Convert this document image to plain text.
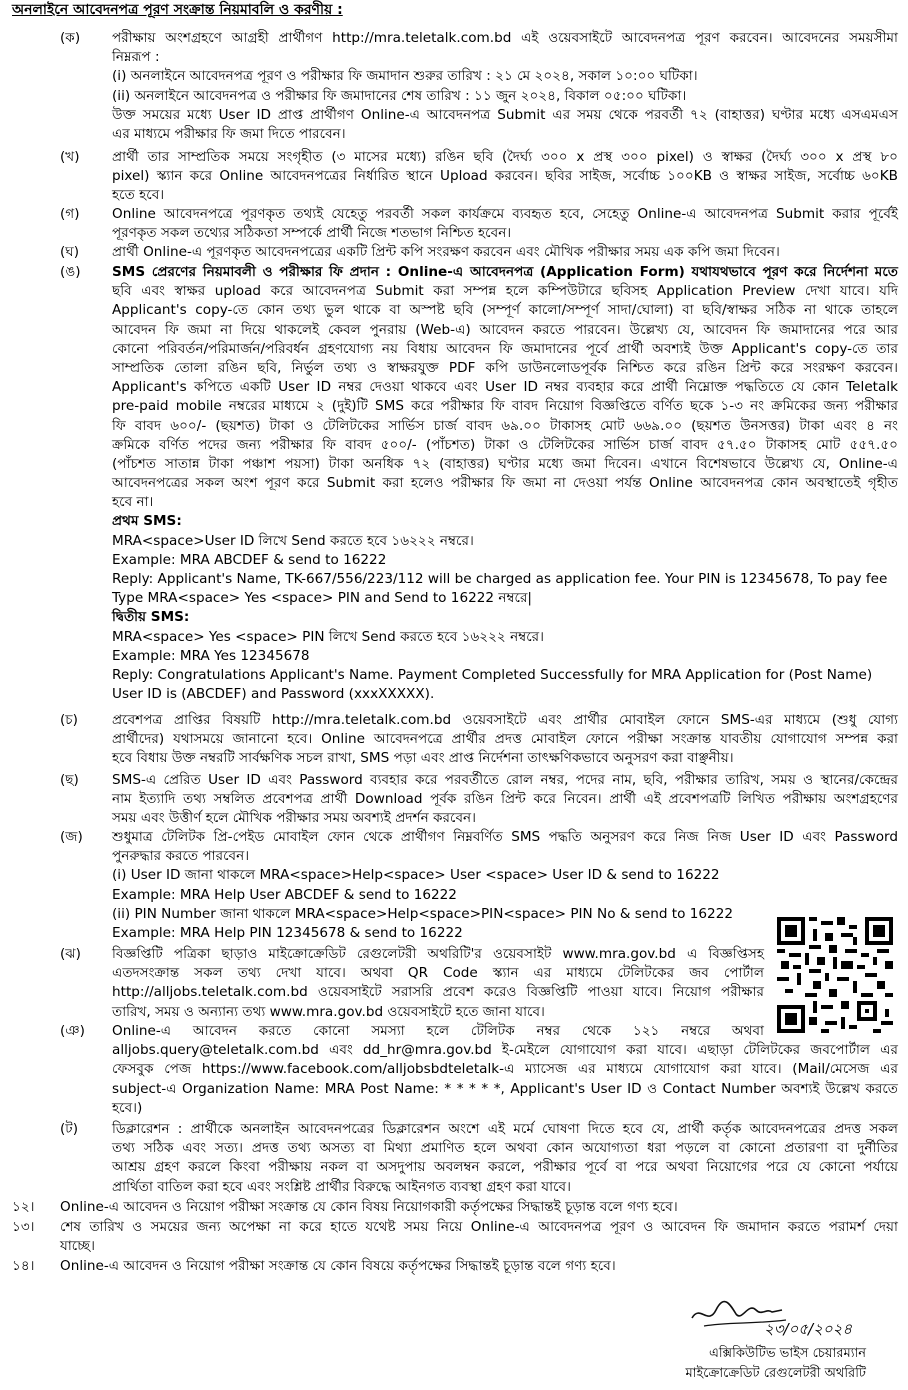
অনলাইনে আবেদনপত্র পূরণ সংক্রান্ত নিয়মাবলি ও করণীয় :
(ক)	পরীক্ষায় অংশগ্রহণে আগ্রহী প্রার্থীগণ http://mra.teletalk.com.bd এই ওয়েবসাইটে আবেদনপত্র পূরণ করবেন। আবেদনের সময়সীমা
নিম্নরূপ :
(i) অনলাইনে আবেদনপত্র পূরণ ও পরীক্ষার ফি জমাদান শুরুর তারিখ : ২১ মে ২০২৪, সকাল ১০:০০ ঘটিকা।
(ii) অনলাইনে আবেদনপত্র ও পরীক্ষার ফি জমাদানের শেষ তারিখ : ১১ জুন ২০২৪, বিকাল ০৫:০০ ঘটিকা।
উক্ত সময়ের মধ্যে User ID প্রাপ্ত প্রার্থীগণ Online-এ আবেদনপত্র Submit এর সময় থেকে পরবর্তী ৭২ (বাহাত্তর) ঘণ্টার মধ্যে এসএমএস
এর মাধ্যমে পরীক্ষার ফি জমা দিতে পারবেন।
(খ)	প্রার্থী তার সাম্প্রতিক সময়ে সংগৃহীত (৩ মাসের মধ্যে) রঙিন ছবি (দৈর্ঘ্য ৩০০ x প্রস্থ ৩০০ pixel) ও স্বাক্ষর (দৈর্ঘ্য ৩০০ x প্রস্থ ৮০
pixel) স্ক্যান করে Online আবেদনপত্রের নির্ধারিত স্থানে Upload করবেন। ছবির সাইজ, সর্বোচ্চ ১০০KB ও স্বাক্ষর সাইজ, সর্বোচ্চ ৬০KB
হতে হবে।
(গ)	Online আবেদনপত্রে পূরণকৃত তথ্যই যেহেতু পরবর্তী সকল কার্যক্রমে ব্যবহৃত হবে, সেহেতু Online-এ আবেদনপত্র Submit করার পূর্বেই
পূরণকৃত সকল তথ্যের সঠিকতা সম্পর্কে প্রার্থী নিজে শতভাগ নিশ্চিত হবেন।
(ঘ)	প্রার্থী Online-এ পূরণকৃত আবেদনপত্রের একটি প্রিন্ট কপি সংরক্ষণ করবেন এবং মৌখিক পরীক্ষার সময় এক কপি জমা দিবেন।
(ঙ)	SMS প্রেরণের নিয়মাবলী ও পরীক্ষার ফি প্রদান : Online-এ আবেদনপত্র (Application Form) যথাযথভাবে পূরণ করে নির্দেশনা মতে
ছবি এবং স্বাক্ষর upload করে আবেদনপত্র Submit করা সম্পন্ন হলে কম্পিউটারে ছবিসহ Application Preview দেখা যাবে। যদি
Applicant's copy-তে কোন তথ্য ভুল থাকে বা অস্পষ্ট ছবি (সম্পূর্ণ কালো/সম্পূর্ণ সাদা/ঘোলা) বা ছবি/স্বাক্ষর সঠিক না থাকে তাহলে
আবেদন ফি জমা না দিয়ে থাকলেই কেবল পুনরায় (Web-এ) আবেদন করতে পারবেন। উল্লেখ্য যে, আবেদন ফি জমাদানের পরে আর
কোনো পরিবর্তন/পরিমার্জন/পরিবর্ধন গ্রহণযোগ্য নয় বিধায় আবেদন ফি জমাদানের পূর্বে প্রার্থী অবশ্যই উক্ত Applicant's copy-তে তার
সাম্প্রতিক তোলা রঙিন ছবি, নির্ভুল তথ্য ও স্বাক্ষরযুক্ত PDF কপি ডাউনলোডপূর্বক নিশ্চিত করে রঙিন প্রিন্ট করে সংরক্ষণ করবেন।
Applicant's কপিতে একটি User ID নম্বর দেওয়া থাকবে এবং User ID নম্বর ব্যবহার করে প্রার্থী নিম্নোক্ত পদ্ধতিতে যে কোন Teletalk
pre-paid mobile নম্বরের মাধ্যমে ২ (দুই)টি SMS করে পরীক্ষার ফি বাবদ নিয়োগ বিজ্ঞপ্তিতে বর্ণিত ছকে ১-৩ নং ক্রমিকের জন্য পরীক্ষার
ফি বাবদ ৬০০/- (ছয়শত) টাকা ও টেলিটকের সার্ভিস চার্জ বাবদ ৬৯.০০ টাকাসহ মোট ৬৬৯.০০ (ছয়শত উনসত্তর) টাকা এবং ৪ নং
ক্রমিকে বর্ণিত পদের জন্য পরীক্ষার ফি বাবদ ৫০০/- (পাঁচশত) টাকা ও টেলিটকের সার্ভিস চার্জ বাবদ ৫৭.৫০ টাকাসহ মোট ৫৫৭.৫০
(পাঁচশত সাতান্ন টাকা পঞ্চাশ পয়সা) টাকা অনধিক ৭২ (বাহাত্তর) ঘণ্টার মধ্যে জমা দিবেন। এখানে বিশেষভাবে উল্লেখ্য যে, Online-এ
আবেদনপত্রের সকল অংশ পূরণ করে Submit করা হলেও পরীক্ষার ফি জমা না দেওয়া পর্যন্ত Online আবেদনপত্র কোন অবস্থাতেই গৃহীত
হবে না।
প্রথম SMS:
MRA<space>User ID লিখে Send করতে হবে ১৬২২২ নম্বরে।
Example: MRA ABCDEF & send to 16222
Reply: Applicant's Name, TK-667/556/223/112 will be charged as application fee. Your PIN is 12345678, To pay fee
Type MRA<space> Yes <space> PIN and Send to 16222 নম্বরে|
দ্বিতীয় SMS:
MRA<space> Yes <space> PIN লিখে Send করতে হবে ১৬২২২ নম্বরে।
Example: MRA Yes 12345678
Reply: Congratulations Applicant's Name. Payment Completed Successfully for MRA Application for (Post Name)
User ID is (ABCDEF) and Password (xxxXXXXX).
(চ)	প্রবেশপত্র প্রাপ্তির বিষয়টি http://mra.teletalk.com.bd ওয়েবসাইটে এবং প্রার্থীর মোবাইল ফোনে SMS-এর মাধ্যমে (শুধু যোগ্য
প্রার্থীদের) যথাসময়ে জানানো হবে। Online আবেদনপত্রে প্রার্থীর প্রদত্ত মোবাইল ফোনে পরীক্ষা সংক্রান্ত যাবতীয় যোগাযোগ সম্পন্ন করা
হবে বিধায় উক্ত নম্বরটি সার্বক্ষণিক সচল রাখা, SMS পড়া এবং প্রাপ্ত নির্দেশনা তাৎক্ষণিকভাবে অনুসরণ করা বাঞ্ছনীয়।
(ছ)	SMS-এ প্রেরিত User ID এবং Password ব্যবহার করে পরবর্তীতে রোল নম্বর, পদের নাম, ছবি, পরীক্ষার তারিখ, সময় ও স্থানের/কেন্দ্রের
নাম ইত্যাদি তথ্য সম্বলিত প্রবেশপত্র প্রার্থী Download পূর্বক রঙিন প্রিন্ট করে নিবেন। প্রার্থী এই প্রবেশপত্রটি লিখিত পরীক্ষায় অংশগ্রহণের
সময় এবং উত্তীর্ণ হলে মৌখিক পরীক্ষার সময় অবশ্যই প্রদর্শন করবেন।
(জ)	শুধুমাত্র টেলিটক প্রি-পেইড মোবাইল ফোন থেকে প্রার্থীগণ নিম্নবর্ণিত SMS পদ্ধতি অনুসরণ করে নিজ নিজ User ID এবং Password
পুনরুদ্ধার করতে পারবেন।
(i) User ID জানা থাকলে MRA<space>Help<space> User <space> User ID & send to 16222
Example: MRA Help User ABCDEF & send to 16222
(ii) PIN Number জানা থাকলে MRA<space>Help<space>PIN<space> PIN No & send to 16222
Example: MRA Help PIN 12345678 & send to 16222
(ঝ)	বিজ্ঞপ্তিটি পত্রিকা ছাড়াও মাইক্রোক্রেডিট রেগুলেটরী অথরিটি'র ওয়েবসাইট www.mra.gov.bd এ বিজ্ঞপ্তিসহ
এতদসংক্রান্ত সকল তথ্য দেখা যাবে। অথবা QR Code স্ক্যান এর মাধ্যমে টেলিটকের জব পোর্টাল
http://alljobs.teletalk.com.bd ওয়েবসাইটে সরাসরি প্রবেশ করেও বিজ্ঞপ্তিটি পাওয়া যাবে। নিয়োগ পরীক্ষার
তারিখ, সময় ও অন্যান্য তথ্য www.mra.gov.bd ওয়েবসাইটে হতে জানা যাবে।
(ঞ)	Online-এ আবেদন করতে কোনো সমস্যা হলে টেলিটক নম্বর থেকে ১২১ নম্বরে অথবা
alljobs.query@teletalk.com.bd এবং dd_hr@mra.gov.bd ই-মেইলে যোগাযোগ করা যাবে। এছাড়া টেলিটকের জবপোর্টাল এর
ফেসবুক পেজ https://www.facebook.com/alljobsbdteletalk-এ ম্যাসেজ এর মাধ্যমে যোগাযোগ করা যাবে। (Mail/মেসেজ এর
subject-এ Organization Name: MRA Post Name: * * * * *, Applicant's User ID ও Contact Number অবশ্যই উল্লেখ করতে
হবে।)
(ট)	ডিক্লারেশন : প্রার্থীকে অনলাইন আবেদনপত্রের ডিক্লারেশন অংশে এই মর্মে ঘোষণা দিতে হবে যে, প্রার্থী কর্তৃক আবেদনপত্রের প্রদত্ত সকল
তথ্য সঠিক এবং সত্য। প্রদত্ত তথ্য অসত্য বা মিথ্যা প্রমাণিত হলে অথবা কোন অযোগ্যতা ধরা পড়লে বা কোনো প্রতারণা বা দুর্নীতির
আশ্রয় গ্রহণ করলে কিংবা পরীক্ষায় নকল বা অসদুপায় অবলম্বন করলে, পরীক্ষার পূর্বে বা পরে অথবা নিয়োগের পরে যে কোনো পর্যায়ে
প্রার্থিতা বাতিল করা হবে এবং সংশ্লিষ্ট প্রার্থীর বিরুদ্ধে আইনগত ব্যবস্থা গ্রহণ করা যাবে।
১২।	Online-এ আবেদন ও নিয়োগ পরীক্ষা সংক্রান্ত যে কোন বিষয় নিয়োগকারী কর্তৃপক্ষের সিদ্ধান্তই চূড়ান্ত বলে গণ্য হবে।
১৩।	শেষ তারিখ ও সময়ের জন্য অপেক্ষা না করে হাতে যথেষ্ট সময় নিয়ে Online-এ আবেদনপত্র পূরণ ও আবেদন ফি জমাদান করতে পরামর্শ দেয়া
যাচ্ছে।
১৪।	Online-এ আবেদন ও নিয়োগ পরীক্ষা সংক্রান্ত যে কোন বিষয়ে কর্তৃপক্ষের সিদ্ধান্তই চূড়ান্ত বলে গণ্য হবে।
২৩/০৫/২০২৪
এক্সিকিউটিভ ভাইস চেয়ারম্যান
মাইক্রোক্রেডিট রেগুলেটরী অথরিটি
